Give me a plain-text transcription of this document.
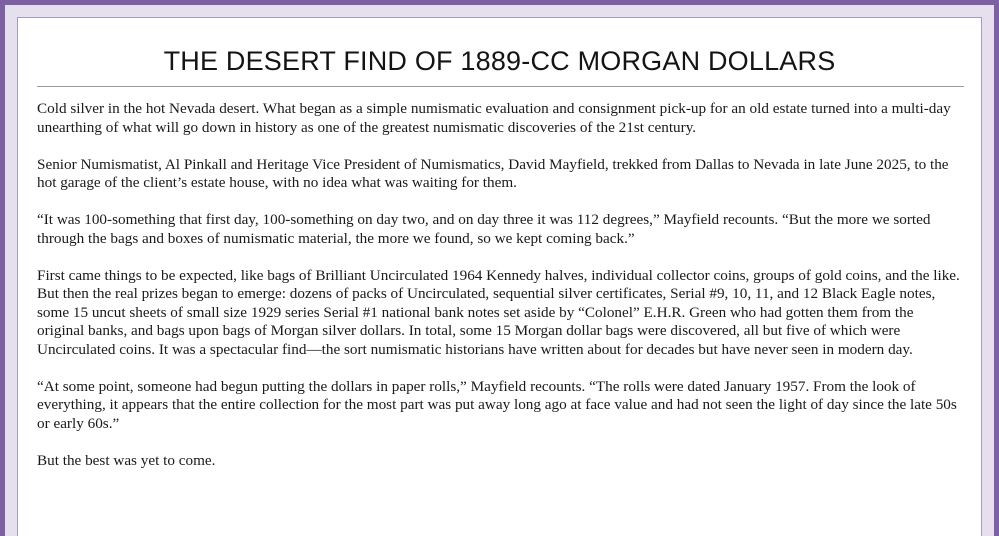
THE DESERT FIND OF 1889-CC MORGAN DOLLARS

Cold silver in the hot Nevada desert. What began as a simple numismatic evaluation and consignment pick-up for an old estate turned into a multi-day unearthing of what will go down in history as one of the greatest numismatic discoveries of the 21st century.

Senior Numismatist, Al Pinkall and Heritage Vice President of Numismatics, David Mayfield, trekked from Dallas to Nevada in late June 2025, to the hot garage of the client’s estate house, with no idea what was waiting for them.

“It was 100-something that first day, 100-something on day two, and on day three it was 112 degrees,” Mayfield recounts. “But the more we sorted through the bags and boxes of numismatic material, the more we found, so we kept coming back.”

First came things to be expected, like bags of Brilliant Uncirculated 1964 Kennedy halves, individual collector coins, groups of gold coins, and the like. But then the real prizes began to emerge: dozens of packs of Uncirculated, sequential silver certificates, Serial #9, 10, 11, and 12 Black Eagle notes, some 15 uncut sheets of small size 1929 series Serial #1 national bank notes set aside by “Colonel” E.H.R. Green who had gotten them from the original banks, and bags upon bags of Morgan silver dollars. In total, some 15 Morgan dollar bags were discovered, all but five of which were Uncirculated coins. It was a spectacular find—the sort numismatic historians have written about for decades but have never seen in modern day.

“At some point, someone had begun putting the dollars in paper rolls,” Mayfield recounts. “The rolls were dated January 1957. From the look of everything, it appears that the entire collection for the most part was put away long ago at face value and had not seen the light of day since the late 50s or early 60s.”

But the best was yet to come.
